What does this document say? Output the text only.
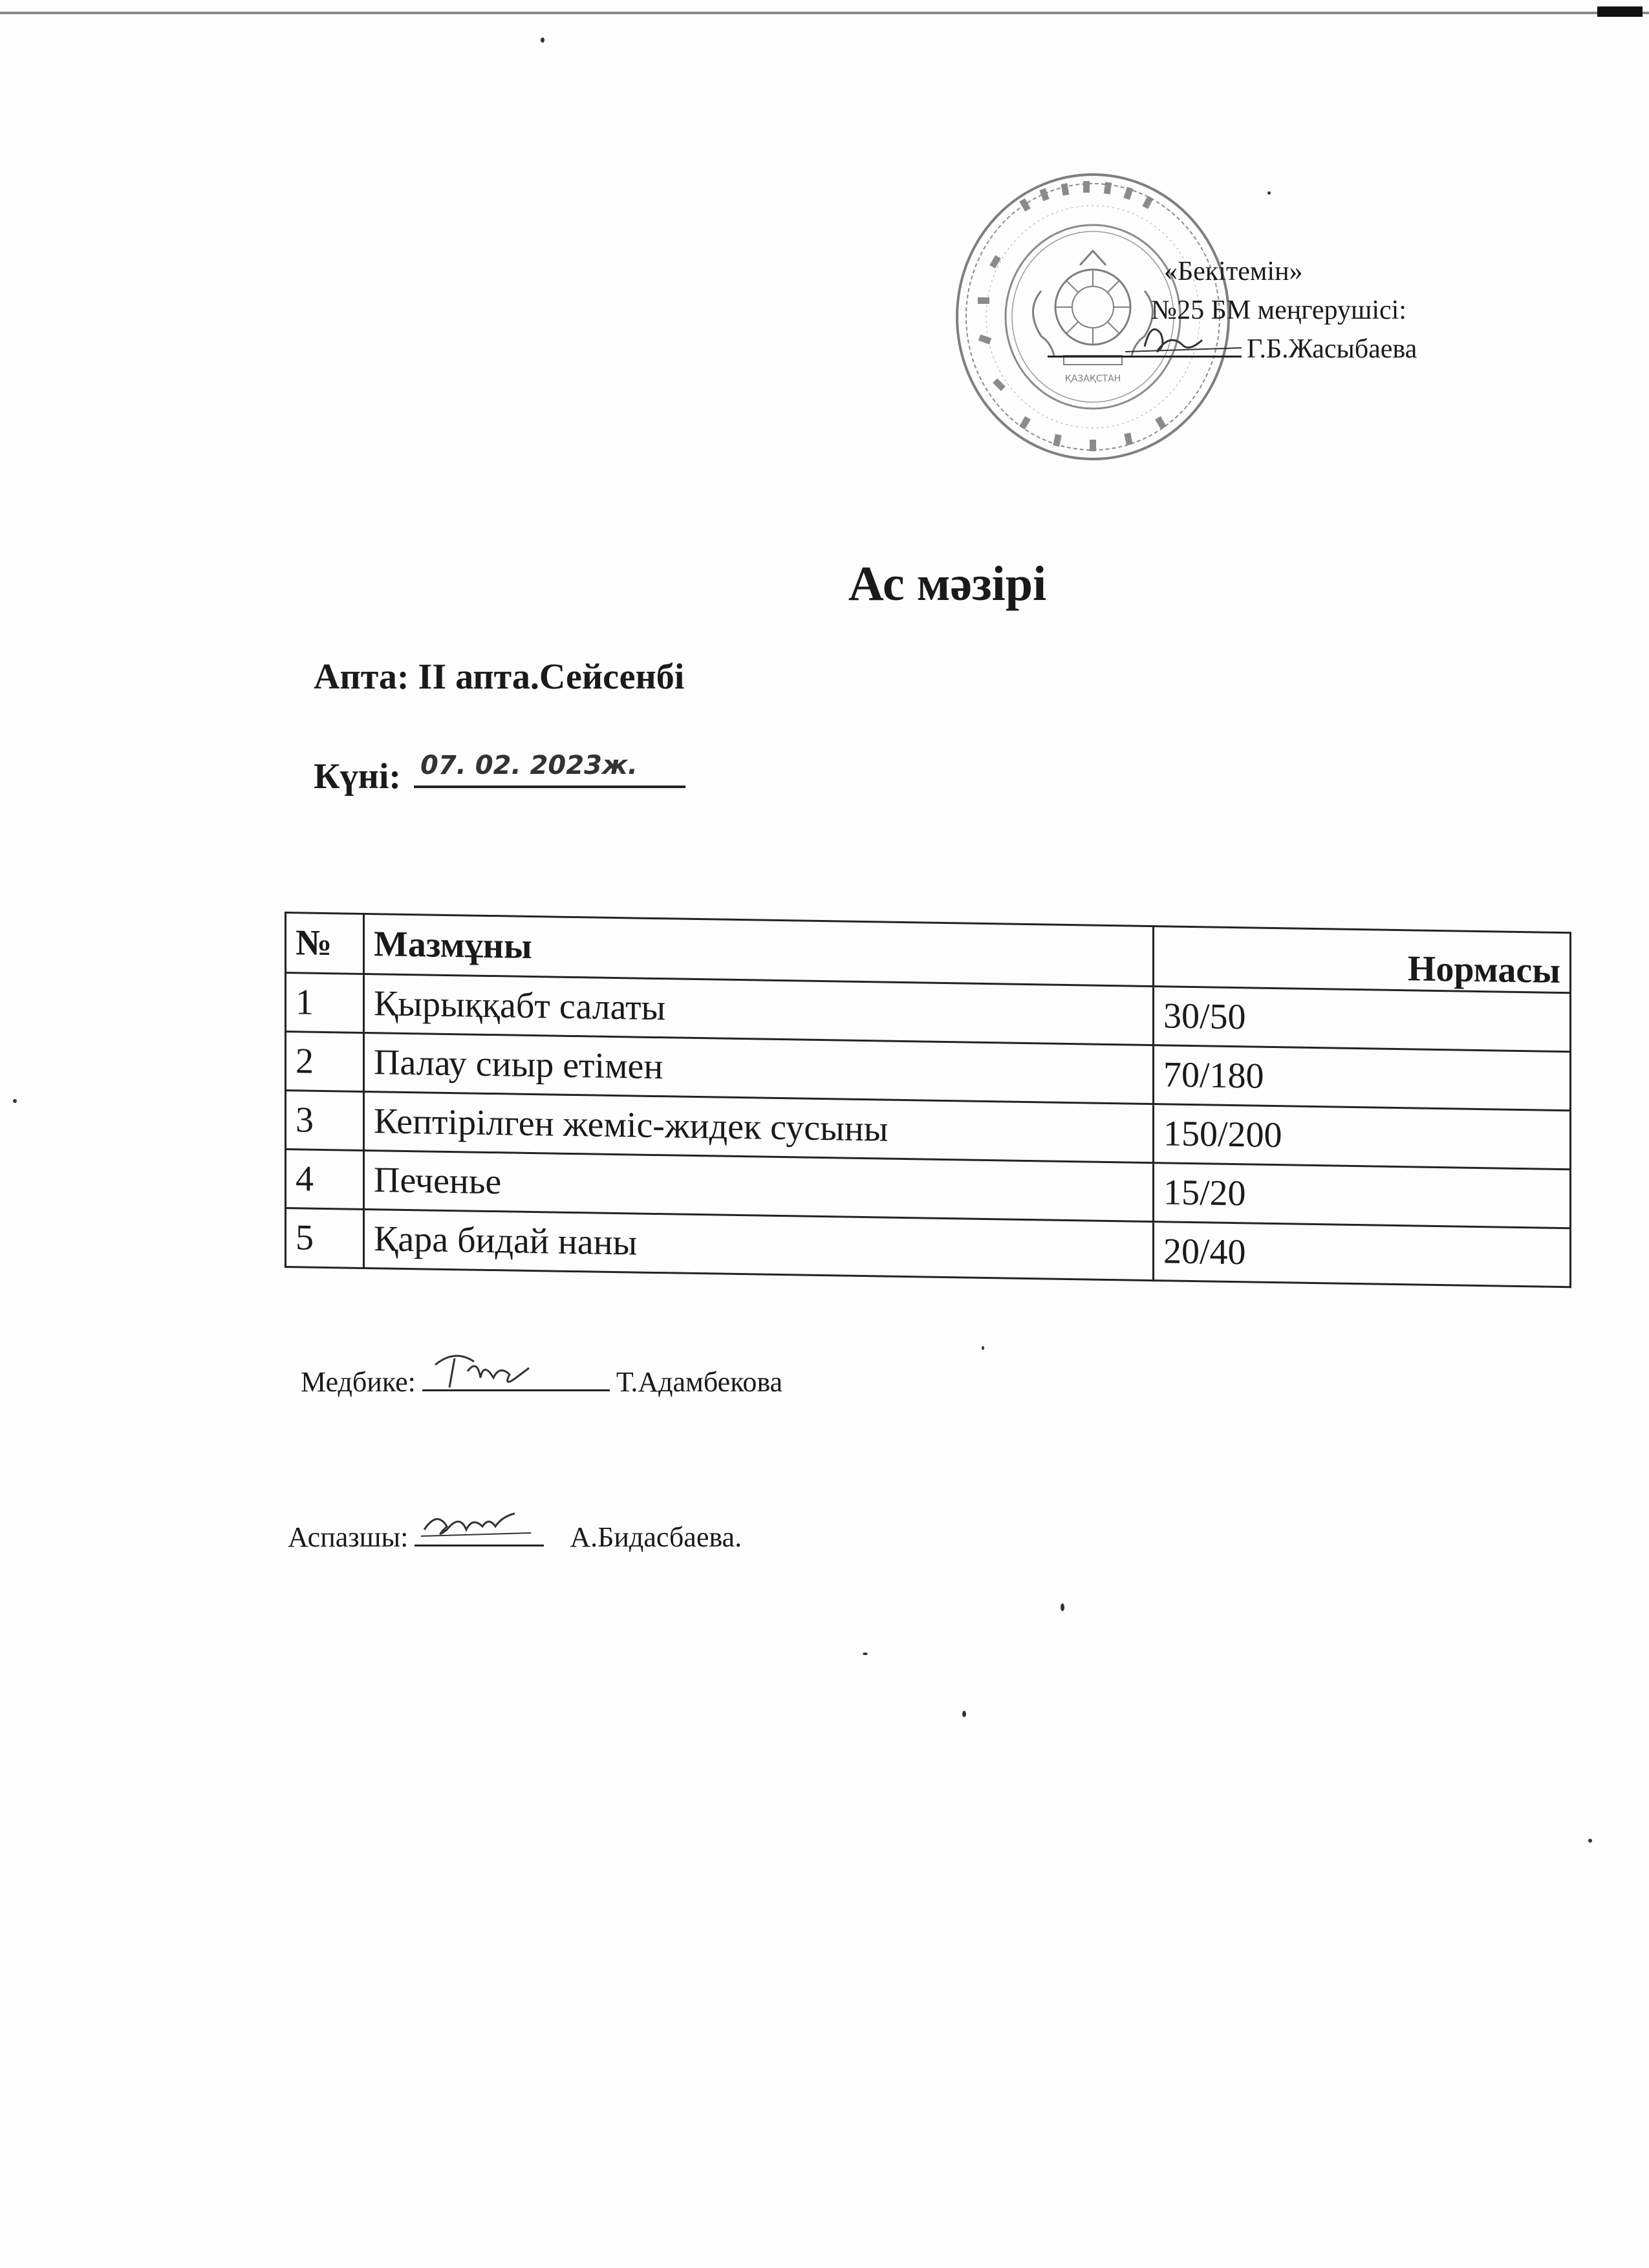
ҚАЗАҚСТАН
«Бекітемін»
№25 БМ меңгерушісі:
Г.Б.Жасыбаева
Ас мәзірі
Апта: II апта.Сейсенбі
Күні: 07. 02. 2023ж.
№	Мазмұны	Нормасы
1	Қырыққабт салаты	30/50
2	Палау сиыр етімен	70/180
3	Кептірілген жеміс-жидек сусыны	150/200
4	Печенье	15/20
5	Қара бидай наны	20/40
Медбике:	Т.Адамбекова
Аспазшы:	А.Бидасбаева.
